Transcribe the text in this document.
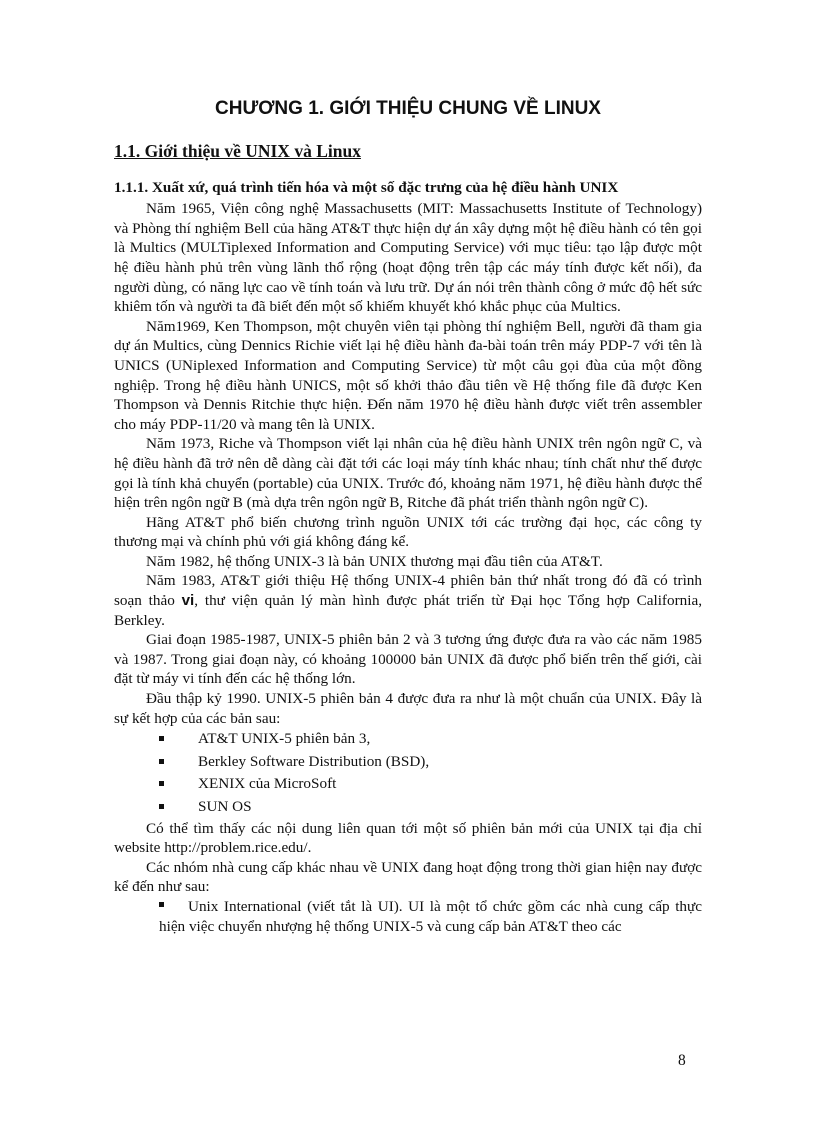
CHƯƠNG 1. GIỚI THIỆU CHUNG VỀ LINUX
1.1. Giới thiệu về UNIX và Linux
1.1.1. Xuất xứ, quá trình tiến hóa và một số đặc trưng của hệ điều hành UNIX

Năm 1965, Viện công nghệ Massachusetts (MIT: Massachusetts Institute of Technology) và Phòng thí nghiệm Bell của hãng AT&T thực hiện dự án xây dựng một hệ điều hành có tên gọi là Multics (MULTiplexed Information and Computing Service) với mục tiêu: tạo lập được một hệ điều hành phủ trên vùng lãnh thổ rộng (hoạt động trên tập các máy tính được kết nối), đa người dùng, có năng lực cao về tính toán và lưu trữ. Dự án nói trên thành công ở mức độ hết sức khiêm tốn và người ta đã biết đến một số khiếm khuyết khó khắc phục của Multics.

Năm1969, Ken Thompson, một chuyên viên tại phòng thí nghiệm Bell, người đã tham gia dự án Multics, cùng Dennics Richie viết lại hệ điều hành đa-bài toán trên máy PDP-7 với tên là UNICS (UNiplexed Information and Computing Service) từ một câu gọi đùa của một đồng nghiệp. Trong hệ điều hành UNICS, một số khởi thảo đầu tiên về Hệ thống file đã được Ken Thompson và Dennis Ritchie thực hiện. Đến năm 1970 hệ điều hành được viết trên assembler cho máy PDP-11/20 và mang tên là UNIX.

Năm 1973, Riche và Thompson viết lại nhân của hệ điều hành UNIX trên ngôn ngữ C, và hệ điều hành đã trở nên dễ dàng cài đặt tới các loại máy tính khác nhau; tính chất như thế được gọi là tính khả chuyển (portable) của UNIX. Trước đó, khoảng năm 1971, hệ điều hành được thể hiện trên ngôn ngữ B (mà dựa trên ngôn ngữ B, Ritche đã phát triển thành ngôn ngữ C).

Hãng AT&T phổ biến chương trình nguồn UNIX tới các trường đại học, các công ty thương mại và chính phủ với giá không đáng kể.

Năm 1982, hệ thống UNIX-3 là bản UNIX thương mại đầu tiên của AT&T.

Năm 1983, AT&T giới thiệu Hệ thống UNIX-4 phiên bản thứ nhất trong đó đã có trình soạn thảo vi, thư viện quản lý màn hình được phát triển từ Đại học Tổng hợp California, Berkley.

Giai đoạn 1985-1987, UNIX-5 phiên bản 2 và 3 tương ứng được đưa ra vào các năm 1985 và 1987. Trong giai đoạn này, có khoảng 100000 bản UNIX đã được phổ biến trên thế giới, cài đặt từ máy vi tính đến các hệ thống lớn.

Đầu thập kỷ 1990. UNIX-5 phiên bản 4 được đưa ra như là một chuẩn của UNIX. Đây là sự kết hợp của các bản sau:

AT&T UNIX-5 phiên bản 3,
Berkley Software Distribution (BSD),
XENIX của MicroSoft
SUN OS

Có thể tìm thấy các nội dung liên quan tới một số phiên bản mới của UNIX tại địa chỉ website http://problem.rice.edu/.

Các nhóm nhà cung cấp khác nhau về UNIX đang hoạt động trong thời gian hiện nay được kể đến như sau:

Unix International (viết tắt là UI). UI là một tổ chức gồm các nhà cung cấp thực hiện việc chuyển nhượng hệ thống UNIX-5 và cung cấp bản AT&T theo các

8
